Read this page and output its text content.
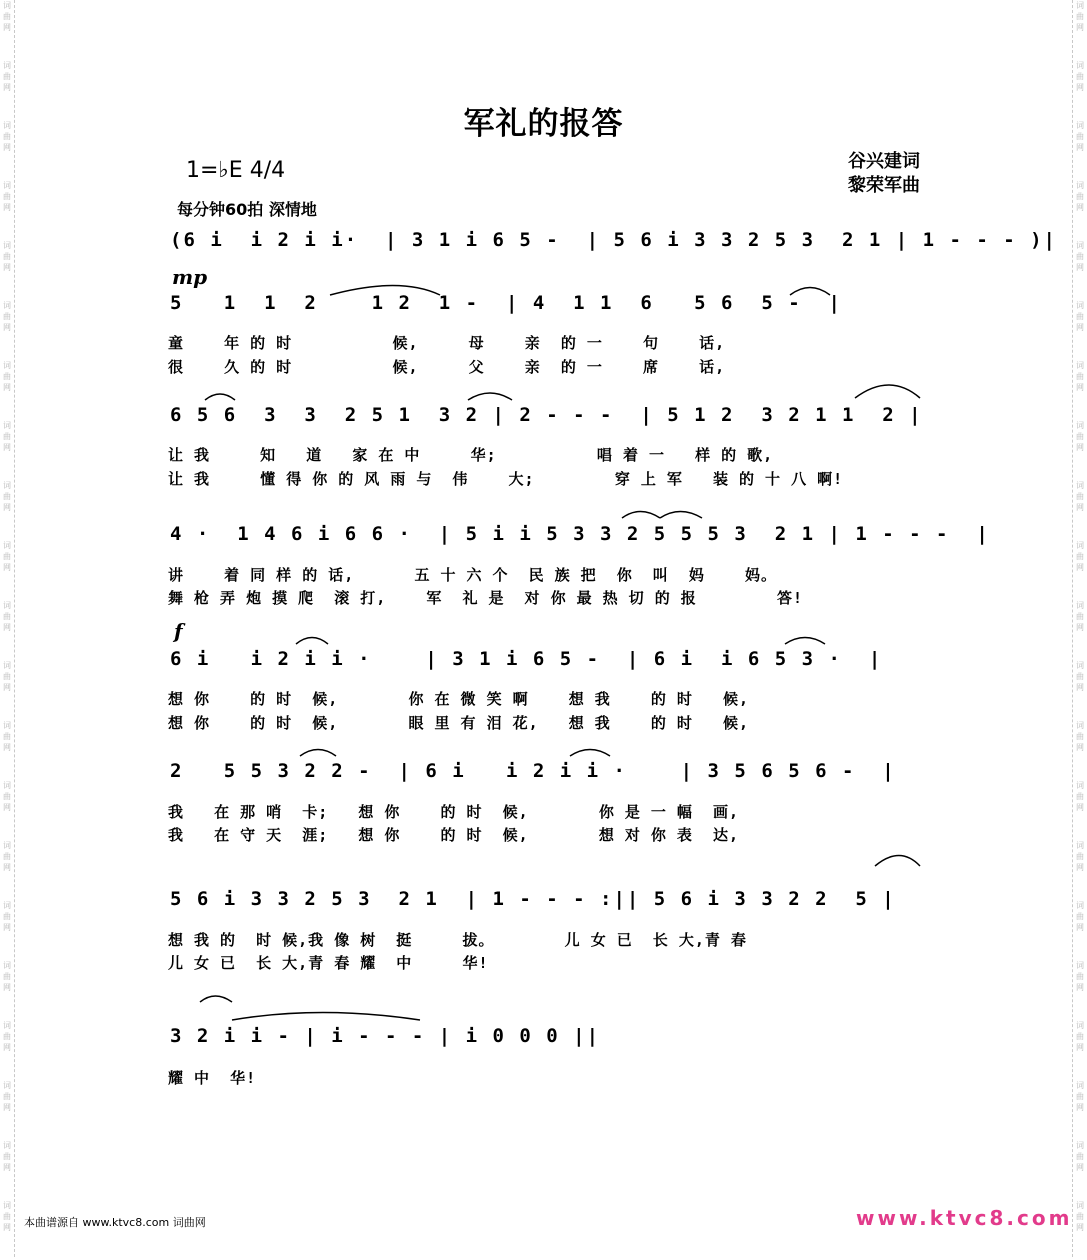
词
曲
网
词
曲
网
词
曲
网
词
曲
网
词
曲
网
词
曲
网
词
曲
网
词
曲
网
词
曲
网
词
曲
网
词
曲
网
词
曲
网
词
曲
网
词
曲
网
词
曲
网
词
曲
网
词
曲
网
词
曲
网
词
曲
网
词
曲
网
词
曲
网
词
曲
网
词
曲
网
词
曲
网
词
曲
网
词
曲
网
词
曲
网
词
曲
网
词
曲
网
词
曲
网
词
曲
网
词
曲
网
词
曲
网
词
曲
网
词
曲
网
词
曲
网
词
曲
网
词
曲
网
词
曲
网
词
曲
网
词
曲
网
词
曲
网
军礼的报答
1=♭E 4/4
每分钟60拍 深情地
谷兴建词
黎荣军曲
mp
f
(6 i  i 2 i i·  | 3 1 i 6 5 -  | 5 6 i 3 3 2 5 3  2 1 | 1 - - - )|
5   1  1  2    1 2  1 -  | 4  1 1  6   5 6  5 -  |
童    年 的 时          候,     母    亲  的 一    句    话,
很    久 的 时          候,     父    亲  的 一    席    话,
6 5 6  3  3  2 5 1  3 2 | 2 - - -  | 5 1 2  3 2 1 1  2 |
让 我     知   道   家 在 中     华;          唱 着 一   样 的 歌,
让 我     懂 得 你 的 风 雨 与  伟    大;        穿 上 军   装 的 十 八 啊!
4 ·  1 4 6 i 6 6 ·  | 5 i i 5 3 3 2 5 5 5 3  2 1 | 1 - - -  |
讲    着 同 样 的 话,      五 十 六 个  民 族 把  你  叫  妈    妈。
舞 枪 弄 炮 摸 爬  滚 打,    军  礼 是  对 你 最 热 切 的 报        答!
6 i   i 2 i i ·    | 3 1 i 6 5 -  | 6 i  i 6 5 3 ·  |
想 你    的 时  候,       你 在 微 笑 啊    想 我    的 时   候,
想 你    的 时  候,       眼 里 有 泪 花,   想 我    的 时   候,
2   5 5 3 2 2 -  | 6 i   i 2 i i ·    | 3 5 6 5 6 -  |
我   在 那 哨  卡;   想 你    的 时  候,       你 是 一 幅  画,
我   在 守 天  涯;   想 你    的 时  候,       想 对 你 表  达,
5 6 i 3 3 2 5 3  2 1  | 1 - - - :|| 5 6 i 3 3 2 2  5 |
想 我 的  时 候,我 像 树  挺     拔。       儿 女 已  长 大,青 春
儿 女 已  长 大,青 春 耀  中     华!
3 2 i i - | i - - - | i 0 0 0 ||
耀 中  华!
本曲谱源自 www.ktvc8.com 词曲网	www.ktvc8.com
